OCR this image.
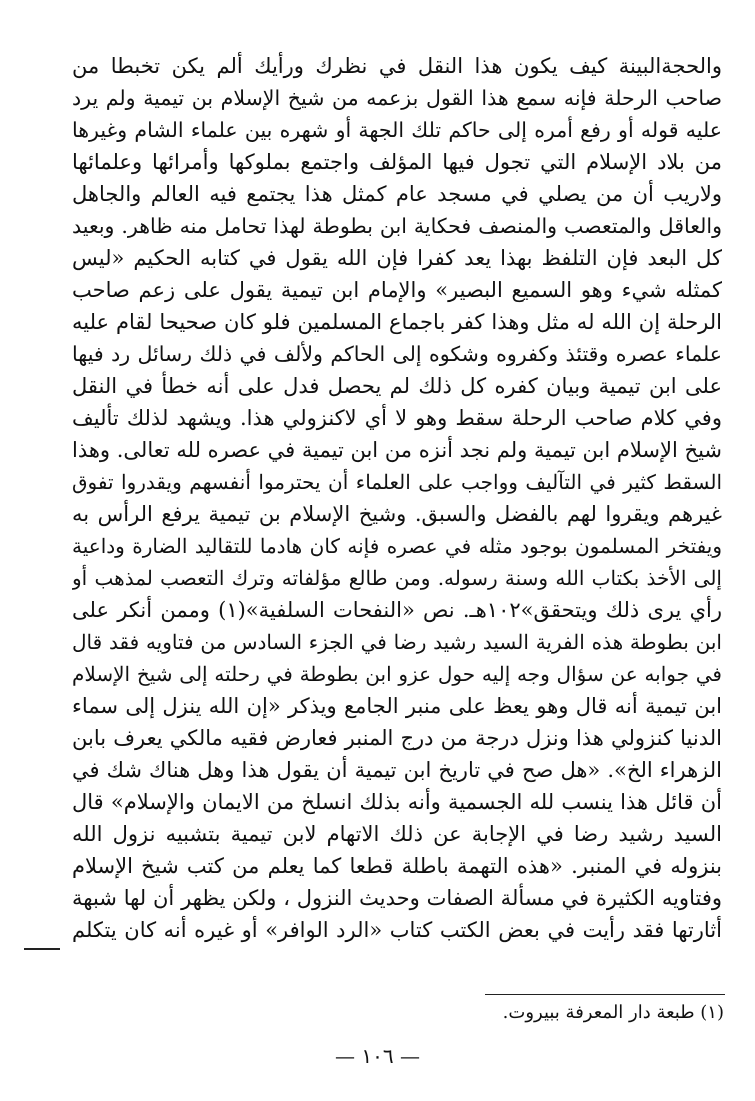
والحجةالبينة كيف يكون هذا النقل في نظرك ورأيك ألم يكن تخبطا من
صاحب الرحلة فإنه سمع هذا القول بزعمه من شيخ الإسلام بن تيمية ولم يرد
عليه قوله أو رفع أمره إلى حاكم تلك الجهة أو شهره بين علماء الشام وغيرها
من بلاد الإسلام التي تجول فيها المؤلف واجتمع بملوكها وأمرائها وعلمائها
ولاريب أن من يصلي في مسجد عام كمثل هذا يجتمع فيه العالم والجاهل
والعاقل والمتعصب والمنصف فحكاية ابن بطوطة لهذا تحامل منه ظاهر. وبعيد
كل البعد فإن التلفظ بهذا يعد كفرا فإن الله يقول في كتابه الحكيم «ليس
كمثله شيء وهو السميع البصير» والإمام ابن تيمية يقول على زعم صاحب
الرحلة إن الله له مثل وهذا كفر باجماع المسلمين فلو كان صحيحا لقام عليه
علماء عصره وقتئذ وكفروه وشكوه إلى الحاكم ولألف في ذلك رسائل رد فيها
على ابن تيمية وبيان كفره كل ذلك لم يحصل فدل على أنه خطأ في النقل
وفي كلام صاحب الرحلة سقط وهو لا أي لاكنزولي هذا. ويشهد لذلك تأليف
شيخ الإسلام ابن تيمية ولم نجد أنزه من ابن تيمية في عصره لله تعالى. وهذا
السقط كثير في التآليف وواجب على العلماء أن يحترموا أنفسهم ويقدروا تفوق
غيرهم ويقروا لهم بالفضل والسبق. وشيخ الإسلام بن تيمية يرفع الرأس به
ويفتخر المسلمون بوجود مثله في عصره فإنه كان هادما للتقاليد الضارة وداعية
إلى الأخذ بكتاب الله وسنة رسوله. ومن طالع مؤلفاته وترك التعصب لمذهب أو
رأي يرى ذلك ويتحقق»١٠٢هـ. نص «النفحات السلفية»(١) وممن أنكر على
ابن بطوطة هذه الفرية السيد رشيد رضا في الجزء السادس من فتاويه فقد قال
في جوابه عن سؤال وجه إليه حول عزو ابن بطوطة في رحلته إلى شيخ الإسلام
ابن تيمية أنه قال وهو يعظ على منبر الجامع ويذكر «إن الله ينزل إلى سماء
الدنيا كنزولي هذا ونزل درجة من درج المنبر فعارض فقيه مالكي يعرف بابن
الزهراء الخ». «هل صح في تاريخ ابن تيمية أن يقول هذا وهل هناك شك في
أن قائل هذا ينسب لله الجسمية وأنه بذلك انسلخ من الايمان والإسلام» قال
السيد رشيد رضا في الإجابة عن ذلك الاتهام لابن تيمية بتشبيه نزول الله
بنزوله في المنبر. «هذه التهمة باطلة قطعا كما يعلم من كتب شيخ الإسلام
وفتاويه الكثيرة في مسألة الصفات وحديث النزول ، ولكن يظهر أن لها شبهة
أثارتها فقد رأيت في بعض الكتب كتاب «الرد الوافر» أو غيره أنه كان يتكلم
(١) طبعة دار المعرفة ببيروت.
— ١٠٦ —
